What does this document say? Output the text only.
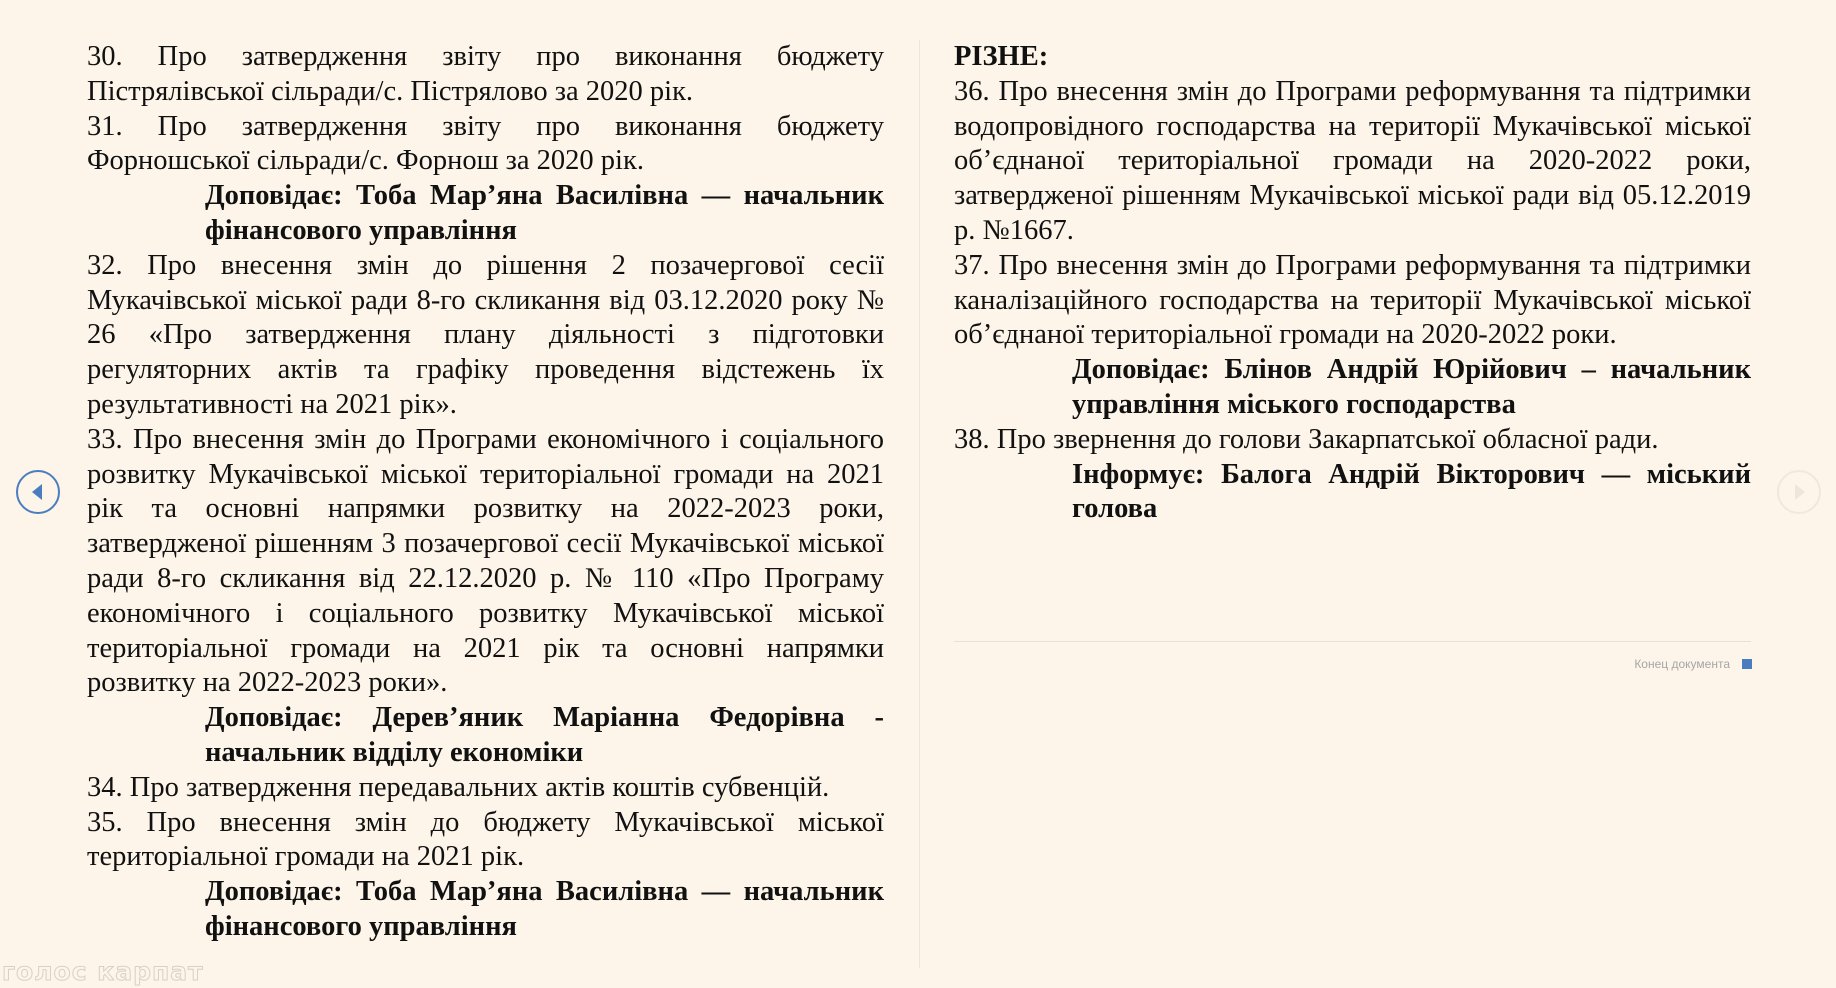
30. Про затвердження звіту про виконання бюджету Пістрялівської сільради/с. Пістрялово за 2020 рік.

31. Про затвердження звіту про виконання бюджету Форношської сільради/с. Форнош за 2020 рік.

Доповідає: Тоба Мар’яна Василівна — начальник фінансового управління

32. Про внесення змін до рішення 2 позачергової сесії Мукачівської міської ради 8-го скликання від 03.12.2020 року № 26 «Про затвердження плану діяльності з підготовки регуляторних актів та графіку проведення відстежень їх результативності на 2021 рік».

33. Про внесення змін до Програми економічного і соціального розвитку Мукачівської міської територіальної громади на 2021 рік та основні напрямки розвитку на 2022-2023 роки, затвердженої рішенням 3 позачергової сесії Мукачівської міської ради 8-го скликання від 22.12.2020 р. № 110 «Про Програму економічного і соціального розвитку Мукачівської міської територіальної громади на 2021 рік та основні напрямки розвитку на 2022-2023 роки».

Доповідає: Дерев’яник Маріанна Федорівна - начальник відділу економіки

34. Про затвердження передавальних актів коштів субвенцій.

35. Про внесення змін до бюджету Мукачівської міської територіальної громади на 2021 рік.

Доповідає: Тоба Мар’яна Василівна — начальник фінансового управління

РІЗНЕ:

36. Про внесення змін до Програми реформування та підтримки водопровідного господарства на території Мукачівської міської об’єднаної територіальної громади на 2020-2022 роки, затвердженої рішенням Мукачівської міської ради від 05.12.2019 р. №1667.

37. Про внесення змін до Програми реформування та підтримки каналізаційного господарства на території Мукачівської міської об’єднаної територіальної громади на 2020-2022 роки.

Доповідає: Блінов Андрій Юрійович – начальник управління міського господарства

38. Про звернення до голови Закарпатської обласної ради.

Інформує: Балога Андрій Вікторович — міський голова

Конец документа
голос карпат
